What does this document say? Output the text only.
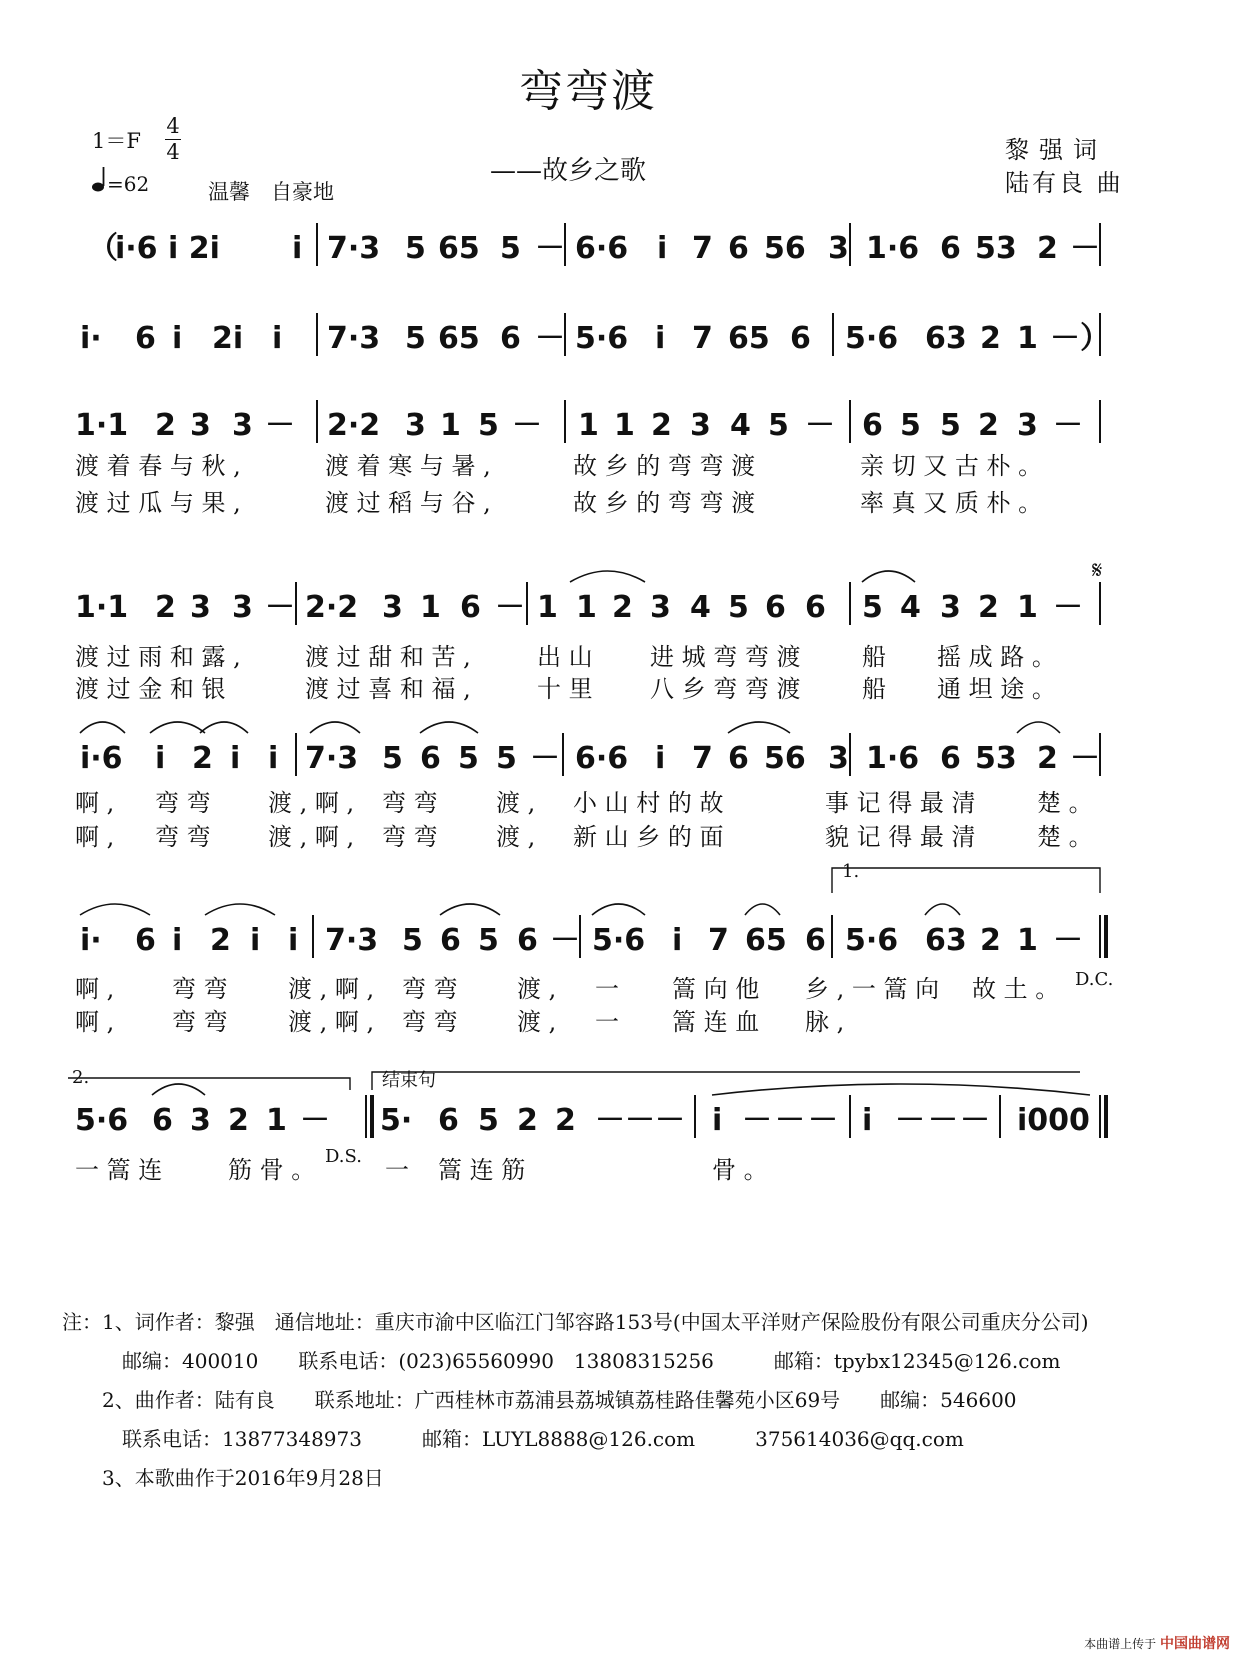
弯弯渡
——故乡之歌
1＝F
4
4
=62	温馨　自豪地
黎强词
陆有良 曲
（
i·6 i 2i i 7·3 5 65 5 － 6·6 i 7 6 56 3 1·6 6 53 2 －
i· 6 i 2i i 7·3 5 65 6 － 5·6 i 7 65 6 5·6 63 2 1 －）
1·1 2 3 3 － 2·2 3 1 5 － 1 1 2 3 4 5 － 6 5 5 2 3 －
1·1 2 3 3 － 2·2 3 1 6 － 1 1 2 3 4 5 6 6 5 4 3 2 1 －
i·6 i 2 i i 7·3 5 6 5 5 － 6·6 i 7 6 56 3 1·6 6 53 2 －
i· 6 i 2 i i 7·3 5 6 5 6 － 5·6 i 7 65 6 5·6 63 2 1 －
5·6 6 3 2 1 － 5· 6 5 2 2 － － － i － － － i － － － i000
渡 着 春 与 秋 ,	渡 着 寒 与 暑 ,	故 乡 的 弯 弯 渡	亲 切 又 古 朴 。
渡 过 瓜 与 果 ,	渡 过 稻 与 谷 ,	故 乡 的 弯 弯 渡	率 真 又 质 朴 。
渡 过 雨 和 露 ,	渡 过 甜 和 苦 ,	出 山 进 城 弯 弯 渡	船 摇 成 路 。
渡 过 金 和 银	渡 过 喜 和 福 ,	十 里 八 乡 弯 弯 渡	船 通 坦 途 。
啊 , 弯 弯 渡 , 啊 , 弯 弯 渡 , 小 山 村 的 故	事 记 得 最 清	楚 。
啊 , 弯 弯 渡 , 啊 , 弯 弯 渡 , 新 山 乡 的 面	貌 记 得 最 清	楚 。
啊 , 弯 弯	渡 , 啊 , 弯 弯 渡 , 一 篙 向 他 乡 , 一 篙 向 故 土 。
啊 , 弯 弯	渡 , 啊 , 弯 弯 渡 , 一 篙 连 血 脉 ,
一 篙 连	筋 骨 。	一 篙 连 筋	骨 。
𝄋
D.C.
D.S.
1.
2.	结束句
注：1、词作者：黎强　通信地址：重庆市渝中区临江门邹容路153号(中国太平洋财产保险股份有限公司重庆分公司)
　　　邮编：400010　　联系电话：(023)65560990　13808315256　　　邮箱：tpybx12345@126.com
　　2、曲作者：陆有良　　联系地址：广西桂林市荔浦县荔城镇荔桂路佳馨苑小区69号　　邮编：546600
　　　联系电话：13877348973　　　邮箱：LUYL8888@126.com　　　375614036@qq.com
　　3、本歌曲作于2016年9月28日
本曲谱上传于 中国曲谱网
